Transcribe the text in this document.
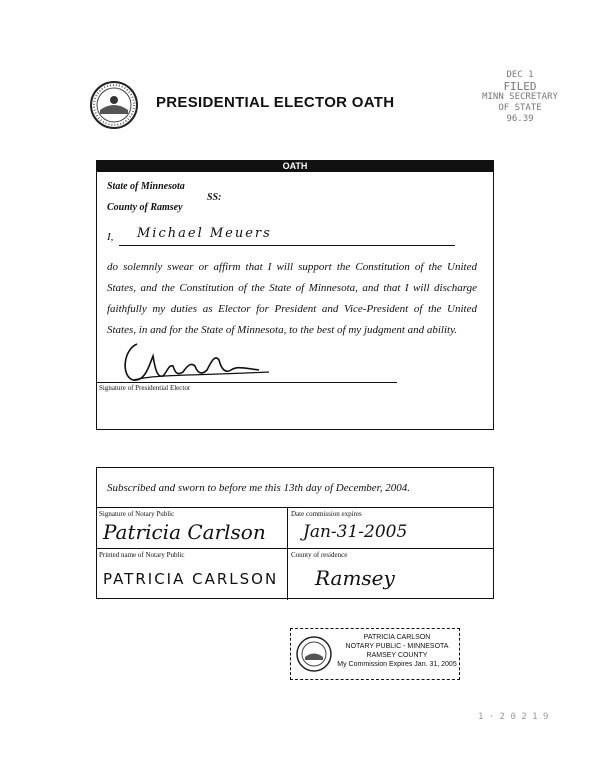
PRESIDENTIAL ELECTOR OATH
DEC 1
FILED
MINN SECRETARY
OF STATE
96.39
OATH
State of Minnesota
SS:
County of Ramsey
I, Michael Meuers
do solemnly swear or affirm that I will support the Constitution of the United States, and the Constitution of the State of Minnesota, and that I will discharge faithfully my duties as Elector for President and Vice-President of the United States, in and for the State of Minnesota, to the best of my judgment and ability.
Signature of Presidential Elector
Subscribed and sworn to before me this 13th day of December, 2004.
Signature of Notary Public
Patricia Carlson
Date commission expires
Jan-31-2005
Printed name of Notary Public
PATRICIA CARLSON
County of residence
Ramsey
PATRICIA CARLSON
NOTARY PUBLIC - MINNESOTA
RAMSEY COUNTY
My Commission Expires Jan. 31, 2005
1 · 2 0 2 1 9
